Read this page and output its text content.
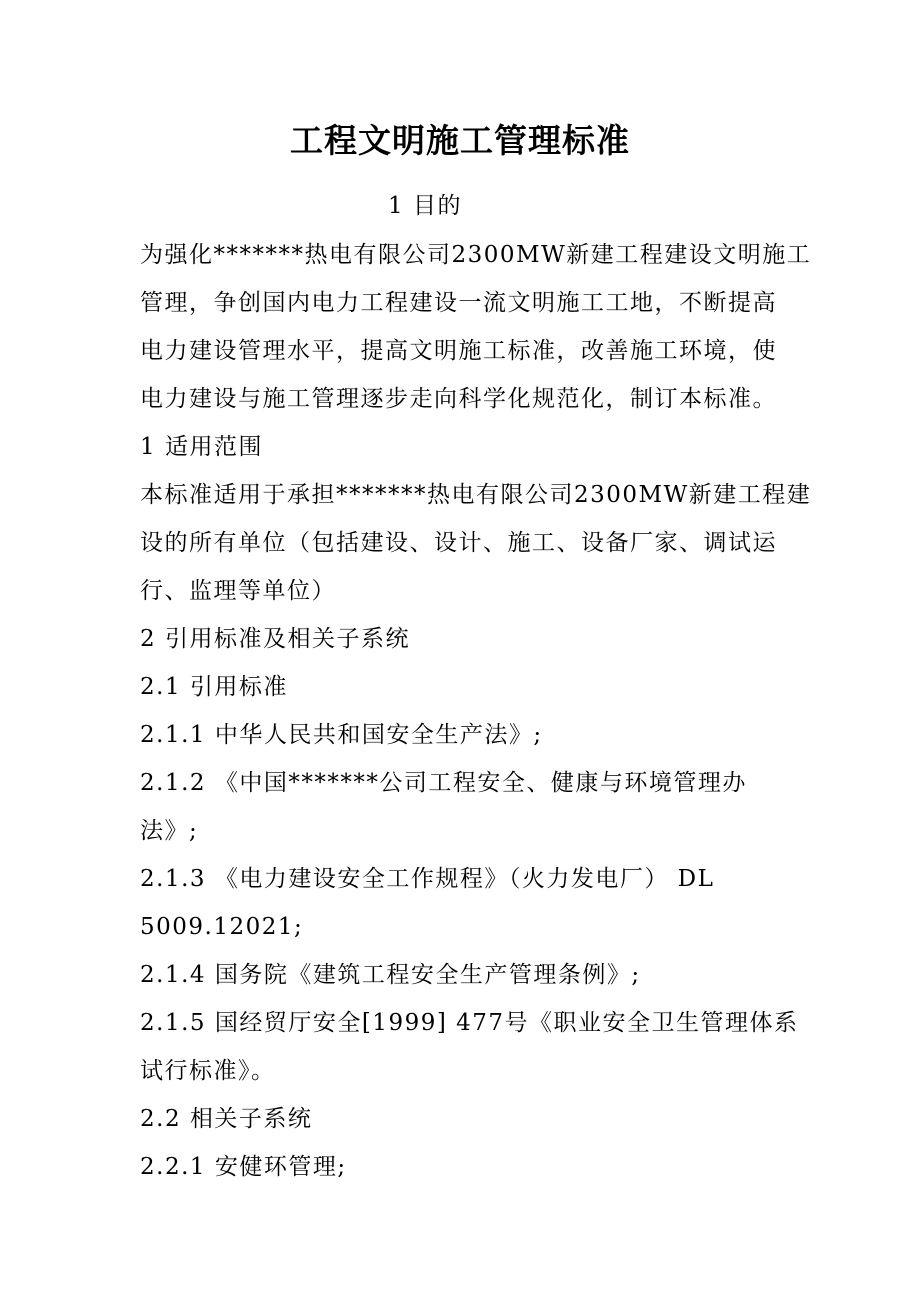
工程文明施工管理标准
1 目的
为强化*******热电有限公司2300MW新建工程建设文明施工
管理，争创国内电力工程建设一流文明施工工地，不断提高
电力建设管理水平，提高文明施工标准，改善施工环境，使
电力建设与施工管理逐步走向科学化规范化，制订本标准。
1 适用范围
本标准适用于承担*******热电有限公司2300MW新建工程建
设的所有单位（包括建设、设计、施工、设备厂家、调试运
行、监理等单位）
2 引用标准及相关子系统
2.1 引用标准
2.1.1 中华人民共和国安全生产法》;
2.1.2 《中国*******公司工程安全、健康与环境管理办
法》;
2.1.3 《电力建设安全工作规程》（火力发电厂） DL
5009.12021;
2.1.4 国务院《建筑工程安全生产管理条例》;
2.1.5 国经贸厅安全[1999] 477号《职业安全卫生管理体系
试行标准》。
2.2 相关子系统
2.2.1 安健环管理;
